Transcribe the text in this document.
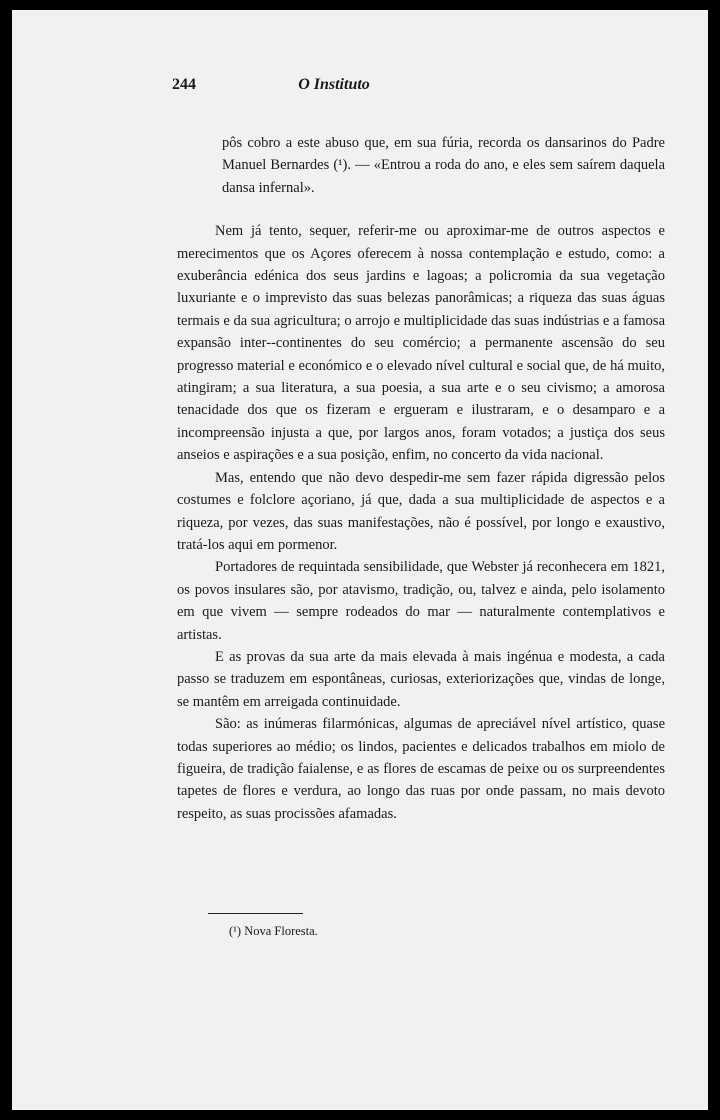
244	O Instituto

pôs cobro a este abuso que, em sua fúria, recorda os dansarinos do Padre Manuel Bernardes (¹). — «Entrou a roda do ano, e eles sem saírem daquela dansa infernal».

Nem já tento, sequer, referir-me ou aproximar-me de outros aspectos e merecimentos que os Açores oferecem à nossa contemplação e estudo, como: a exuberância edénica dos seus jardins e lagoas; a policromia da sua vegetação luxuriante e o imprevisto das suas belezas panorâmicas; a riqueza das suas águas termais e da sua agricultura; o arrojo e multiplicidade das suas indústrias e a famosa expansão inter--continentes do seu comércio; a permanente ascensão do seu progresso material e económico e o elevado nível cultural e social que, de há muito, atingiram; a sua literatura, a sua poesia, a sua arte e o seu civismo; a amorosa tenacidade dos que os fizeram e ergueram e ilustraram, e o desamparo e a incompreensão injusta a que, por largos anos, foram votados; a justiça dos seus anseios e aspirações e a sua posição, enfim, no concerto da vida nacional.

Mas, entendo que não devo despedir-me sem fazer rápida digressão pelos costumes e folclore açoriano, já que, dada a sua multiplicidade de aspectos e a riqueza, por vezes, das suas manifestações, não é possível, por longo e exaustivo, tratá-los aqui em pormenor.

Portadores de requintada sensibilidade, que Webster já reconhecera em 1821, os povos insulares são, por atavismo, tradição, ou, talvez e ainda, pelo isolamento em que vivem — sempre rodeados do mar — naturalmente contemplativos e artistas.

E as provas da sua arte da mais elevada à mais ingénua e modesta, a cada passo se traduzem em espontâneas, curiosas, exteriorizações que, vindas de longe, se mantêm em arreigada continuidade.

São: as inúmeras filarmónicas, algumas de apreciável nível artístico, quase todas superiores ao médio; os lindos, pacientes e delicados trabalhos em miolo de figueira, de tradição faialense, e as flores de escamas de peixe ou os surpreendentes tapetes de flores e verdura, ao longo das ruas por onde passam, no mais devoto respeito, as suas procissões afamadas.

(¹) Nova Floresta.
